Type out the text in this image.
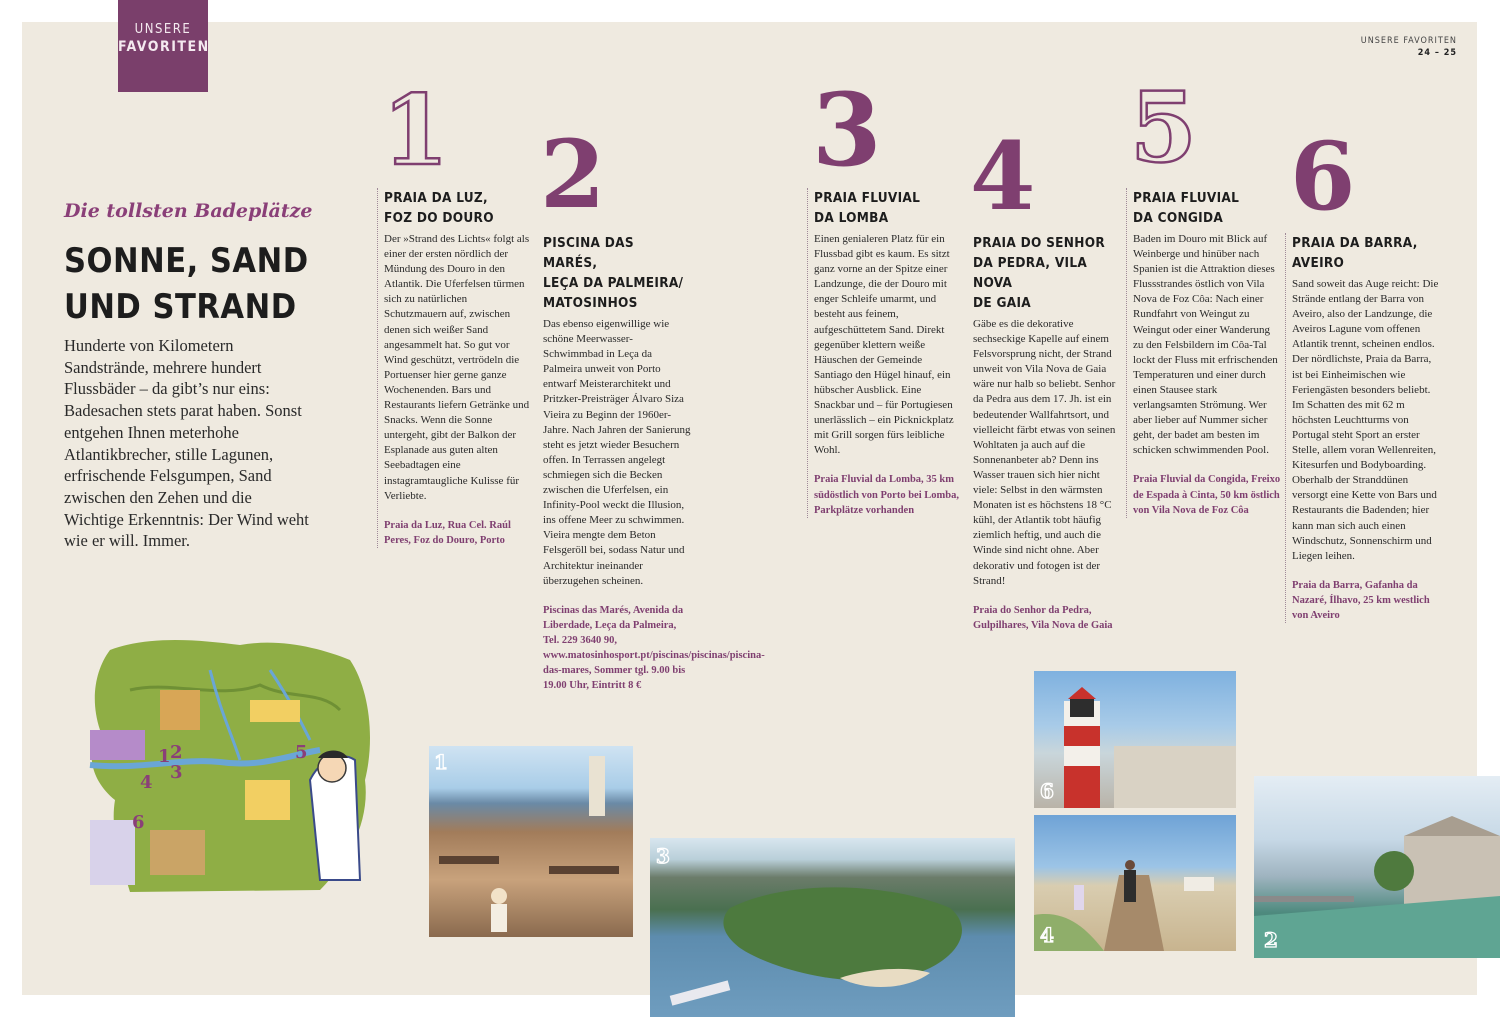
UNSERE
FAVORITEN	UNSERE FAVORITEN
24 – 25
Die tollsten Badeplätze
SONNE, SAND
UND STRAND
Hunderte von Kilometern Sandstrände, mehrere hundert Flussbäder – da gibt’s nur eins: Badesachen stets parat haben. Sonst entgehen Ihnen meterhohe Atlantikbrecher, stille Lagunen, erfrischende Felsgumpen, Sand zwischen den Zehen und die Wichtige Erkenntnis: Der Wind weht wie er will. Immer.
1 2 3 4 5 6
PRAIA DA LUZ,
FOZ DO DOURO
Der »Strand des Lichts« folgt als einer der ersten nördlich der Mündung des Douro in den Atlantik. Die Uferfelsen türmen sich zu natürlichen Schutzmauern auf, zwischen denen sich weißer Sand angesammelt hat. So gut vor Wind geschützt, vertrödeln die Portuenser hier gerne ganze Wochenenden. Bars und Restaurants liefern Getränke und Snacks. Wenn die Sonne untergeht, gibt der Balkon der Esplanade aus guten alten Seebadtagen eine instagramtaugliche Kulisse für Verliebte.
Praia da Luz, Rua Cel. Raúl Peres, Foz do Douro, Porto
PISCINA DAS MARÉS,
LEÇA DA PALMEIRA/
MATOSINHOS
Das ebenso eigenwillige wie schöne Meerwasser-Schwimmbad in Leça da Palmeira unweit von Porto entwarf Meisterarchitekt und Pritzker-Preisträger Álvaro Siza Vieira zu Beginn der 1960er-Jahre. Nach Jahren der Sanierung steht es jetzt wieder Besuchern offen. In Terrassen angelegt schmiegen sich die Becken zwischen die Uferfelsen, ein Infinity-Pool weckt die Illusion, ins offene Meer zu schwimmen. Vieira mengte dem Beton Felsgeröll bei, sodass Natur und Architektur ineinander überzugehen scheinen.
Piscinas das Marés, Avenida da Liberdade, Leça da Palmeira, Tel. 229 3640 90, www.matosinhosport.pt/piscinas/piscinas/piscina-das-mares, Sommer tgl. 9.00 bis 19.00 Uhr, Eintritt 8 €
PRAIA FLUVIAL
DA LOMBA
Einen genialeren Platz für ein Flussbad gibt es kaum. Es sitzt ganz vorne an der Spitze einer Landzunge, die der Douro mit enger Schleife umarmt, und besteht aus feinem, aufgeschüttetem Sand. Direkt gegenüber klettern weiße Häuschen der Gemeinde Santiago den Hügel hinauf, ein hübscher Ausblick. Eine Snackbar und – für Portugiesen unerlässlich – ein Picknickplatz mit Grill sorgen fürs leibliche Wohl.
Praia Fluvial da Lomba, 35 km südöstlich von Porto bei Lomba, Parkplätze vorhanden
PRAIA DO SENHOR
DA PEDRA, VILA NOVA
DE GAIA
Gäbe es die dekorative sechseckige Kapelle auf einem Felsvorsprung nicht, der Strand unweit von Vila Nova de Gaia wäre nur halb so beliebt. Senhor da Pedra aus dem 17. Jh. ist ein bedeutender Wallfahrtsort, und vielleicht färbt etwas von seinen Wohltaten ja auch auf die Sonnenanbeter ab? Denn ins Wasser trauen sich hier nicht viele: Selbst in den wärmsten Monaten ist es höchstens 18 °C kühl, der Atlantik tobt häufig ziemlich heftig, und auch die Winde sind nicht ohne. Aber dekorativ und fotogen ist der Strand!
Praia do Senhor da Pedra, Gulpilhares, Vila Nova de Gaia
PRAIA FLUVIAL
DA CONGIDA
Baden im Douro mit Blick auf Weinberge und hinüber nach Spanien ist die Attraktion dieses Flussstrandes östlich von Vila Nova de Foz Côa: Nach einer Rundfahrt von Weingut zu Weingut oder einer Wanderung zu den Felsbildern im Côa-Tal lockt der Fluss mit erfrischenden Temperaturen und einer durch einen Stausee stark verlangsamten Strömung. Wer aber lieber auf Nummer sicher geht, der badet am besten im schicken schwimmenden Pool.
Praia Fluvial da Congida, Freixo de Espada à Cinta, 50 km östlich von Vila Nova de Foz Côa
PRAIA DA BARRA,
AVEIRO
Sand soweit das Auge reicht: Die Strände entlang der Barra von Aveiro, also der Landzunge, die Aveiros Lagune vom offenen Atlantik trennt, scheinen endlos. Der nördlichste, Praia da Barra, ist bei Einheimischen wie Feriengästen besonders beliebt. Im Schatten des mit 62 m höchsten Leuchtturms von Portugal steht Sport an erster Stelle, allem voran Wellenreiten, Kitesurfen und Bodyboarding. Oberhalb der Stranddünen versorgt eine Kette von Bars und Restaurants die Badenden; hier kann man sich auch einen Windschutz, Sonnenschirm und Liegen leihen.
Praia da Barra, Gafanha da Nazaré, Ílhavo, 25 km westlich von Aveiro
1 2
3
4
5
6
1
3
6
4	2
